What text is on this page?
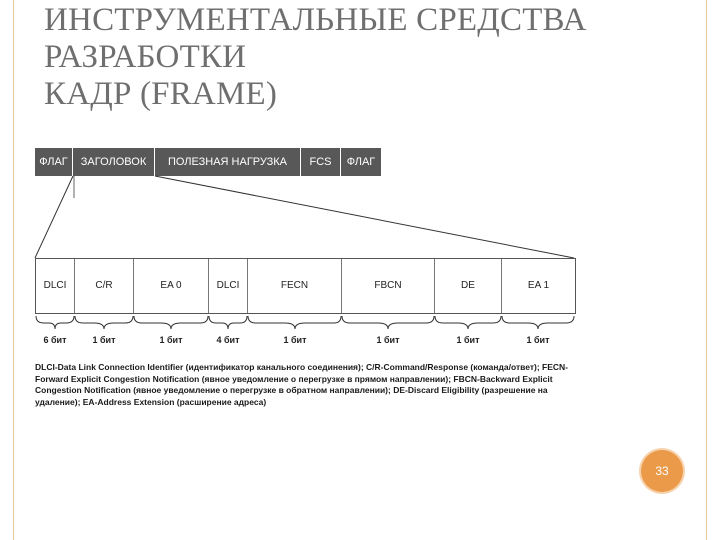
ИНСТРУМЕНТАЛЬНЫЕ СРЕДСТВА
РАЗРАБОТКИ
КАДР (FRAME)
ФЛАГ	ЗАГОЛОВОК	ПОЛЕЗНАЯ НАГРУЗКА	FCS	ФЛАГ
DLCI	C/R	EA 0	DLCI	FECN	FBCN	DE	EA 1
6 бит	1 бит	1 бит	4 бит	1 бит	1 бит	1 бит	1 бит
DLCI-Data Link Connection Identifier (идентификатор канального соединения); C/R-Command/Response (команда/ответ); FECN-Forward Explicit Congestion Notification (явное уведомление о перегрузке в прямом направлении); FBCN-Backward Explicit Congestion Notification (явное уведомление о перегрузке в обратном направлении); DE-Discard Eligibility (разрешение на удаление); EA-Address Extension (расширение адреса)
33
